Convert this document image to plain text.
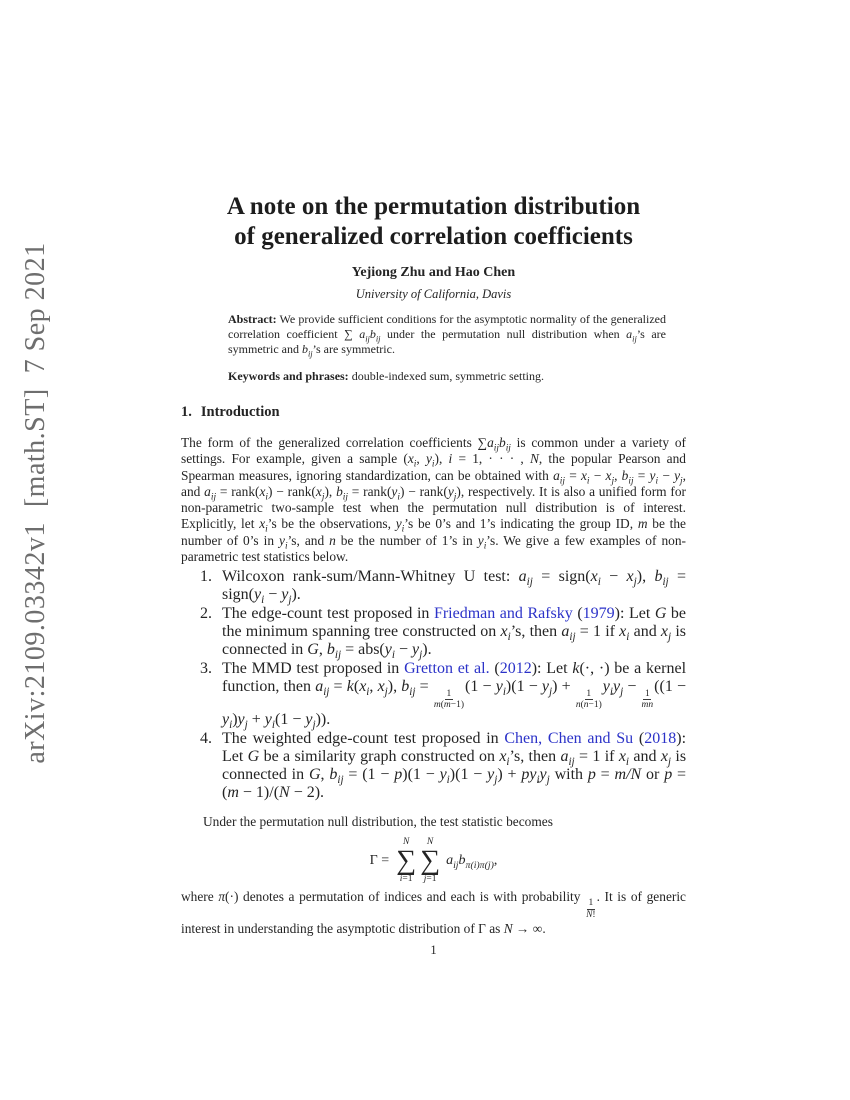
arXiv:2109.03342v1  [math.ST]  7 Sep 2021
A note on the permutation distribution
of generalized correlation coefficients
Yejiong Zhu and Hao Chen
University of California, Davis
Abstract: We provide sufficient conditions for the asymptotic normality of the generalized correlation coefficient ∑ $a_{ij}b_{ij}$ under the permutation null distribution when $a_{ij}’s$ are symmetric and $b_{ij}’s$ are symmetric.
Keywords and phrases: double-indexed sum, symmetric setting.
1. Introduction

The form of the generalized correlation coefficients $\sum a_{ij}b_{ij}$ is common under a variety of settings. For example, given a sample ($x_i$, $y_i$), i = 1, · · · , N, the popular Pearson and Spearman measures, ignoring standardization, can be obtained with $a_{ij} = x_i - x_j$, $b_{ij} = y_i - y_j$, and $a_{ij}$ = $rank(x_i)$ − $rank(x_j)$, $b_{ij}$ = $rank(y_i)$ − $rank(y_j)$, respectively. It is also a unified form for non-parametric two-sample test when the permutation null distribution is of interest. Explicitly, let $x_i’s$ be the observations, $y_i’s$ be 0’s and 1’s indicating the group ID, m be the number of 0’s in $y_i’s$, and n be the number of 1’s in $y_i’s$. We give a few examples of non-parametric test statistics below.

1. Wilcoxon rank-sum/Mann-Whitney U test: $a_{ij}$ = $sign(x_i - x_j)$, $b_{ij}$ = $sign(y_i - y_j)$.
2. The edge-count test proposed in Friedman and Rafsky (1979): Let G be the minimum spanning tree constructed on $x_i’s$, then $a_{ij} = 1$ if $x_i$ and $x_j$ is connected in G, $b_{ij} = abs(y_i - y_j)$.
3. The MMD test proposed in Gretton et al. (2012): Let k(·, ·) be a kernel function, then $a_{ij} = k(x_i$, $x_j$), $b_{ij}$ =
$\frac{1}{m(m-1)}$
$(1 - y_i)(1 - y_j)$ +
$\frac{1}{n(n-1)}$
$y_iy_j$ −
$\frac{1}{mn}$
$((1 - y_i)y_j + y_i(1 - y_j))$.
4. The weighted edge-count test proposed in Chen, Chen and Su (2018): Let G be a similarity graph constructed on $x_i’s$, then $a_{ij} = 1$ if $x_i$ and $x_j$ is connected in G, $b_{ij} = (1 - p)(1 - y_i)(1 - y_j) + py_iy_j$ with p = m/N or p = (m − 1)/(N − 2).

Under the permutation null distribution, the test statistic becomes

Γ =
N
∑
i=1
N
∑
j=1
$a_{ij}b_{\pi(i)\pi(j)}$,

where π(·) denotes a permutation of indices and each is with probability
$\frac{1}{N!}$
. It is of generic interest in understanding the asymptotic distribution of Γ as N → ∞.

1
